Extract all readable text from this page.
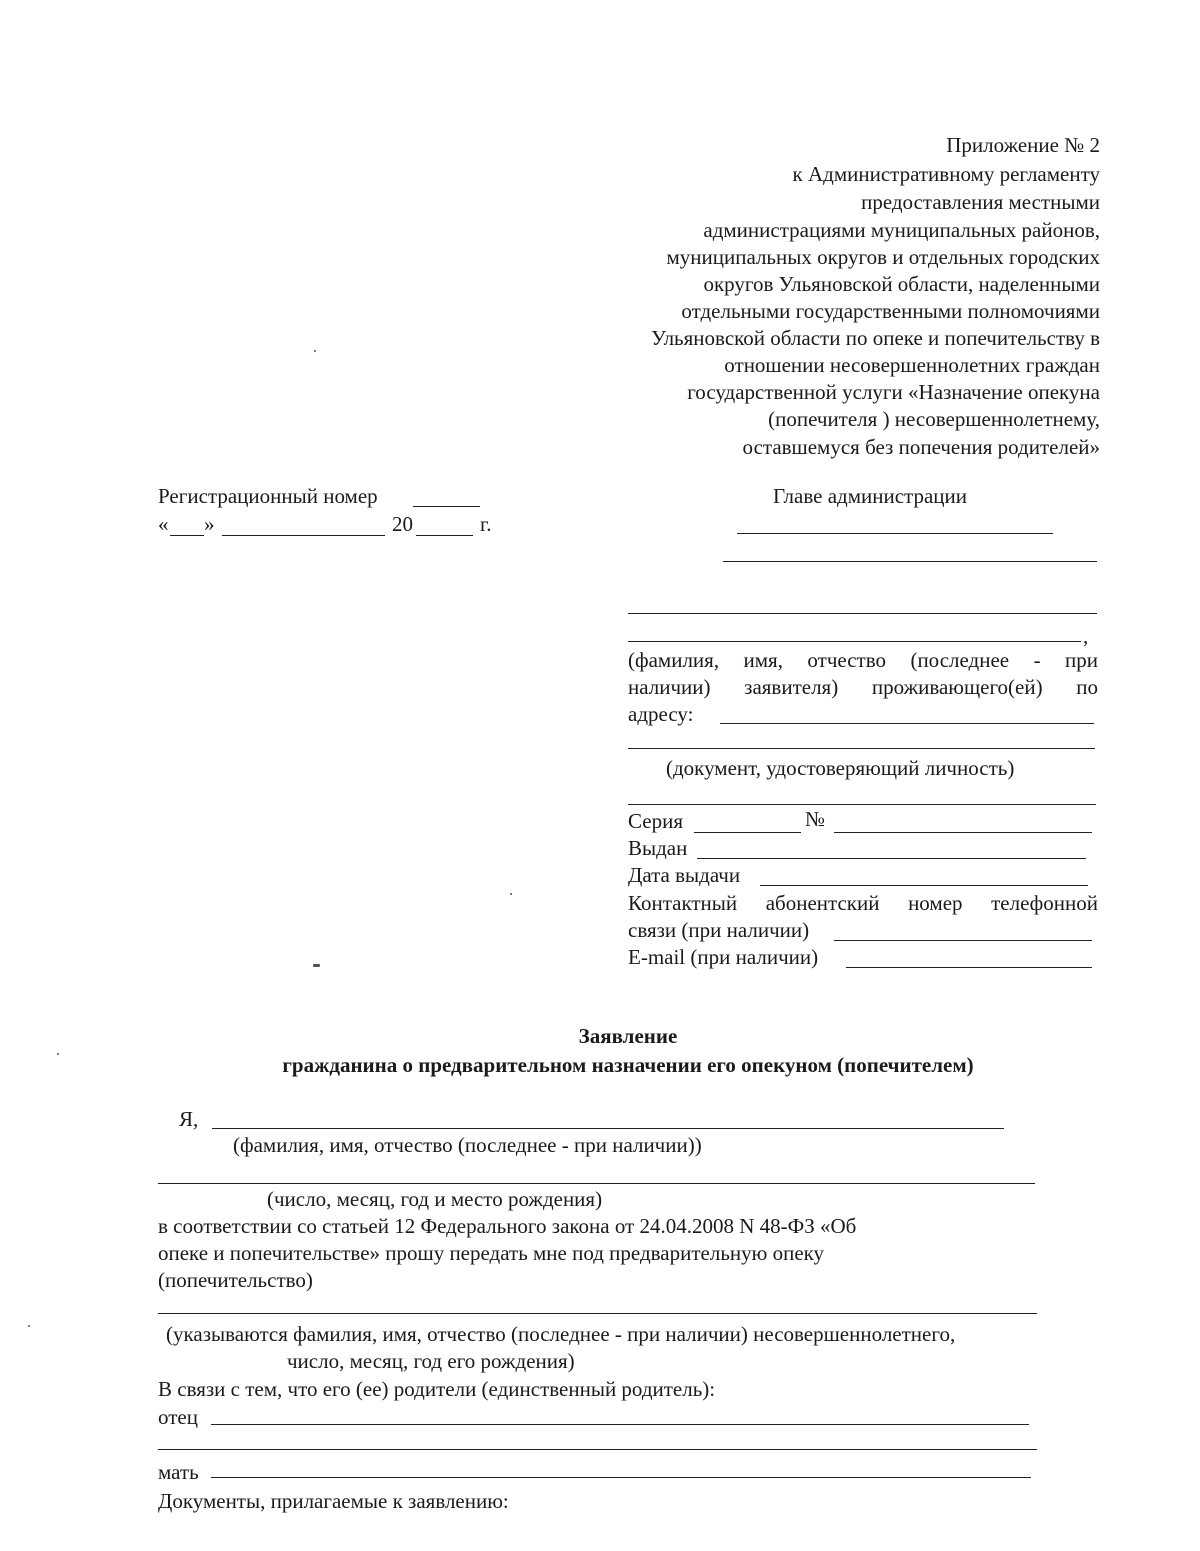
Приложение № 2
к Административному регламенту
предоставления местными
администрациями муниципальных районов,
муниципальных округов и отдельных городских
округов Ульяновской области, наделенными
отдельными государственными полномочиями
Ульяновской области по опеке и попечительству в
отношении несовершеннолетних граждан
государственной услуги «Назначение опекуна
(попечителя ) несовершеннолетнему,
оставшемуся без попечения родителей»
Регистрационный номер
« »	20	г.
Главе администрации
,
(фамилия, имя, отчество (последнее - при
наличии) заявителя) проживающего(ей) по
адресу:
(документ, удостоверяющий личность)
Серия	№
Выдан
Дата выдачи
Контактный абонентский номер телефонной
связи (при наличии)
E-mail (при наличии)
Заявление
гражданина о предварительном назначении его опекуном (попечителем)
Я,
(фамилия, имя, отчество (последнее - при наличии))
(число, месяц, год и место рождения)
в соответствии со статьей 12 Федерального закона от 24.04.2008 N 48-ФЗ «Об
опеке и попечительстве» прошу передать мне под предварительную опеку
(попечительство)
(указываются фамилия, имя, отчество (последнее - при наличии) несовершеннолетнего,
число, месяц, год его рождения)
В связи с тем, что его (ее) родители (единственный родитель):
отец
мать
Документы, прилагаемые к заявлению:
